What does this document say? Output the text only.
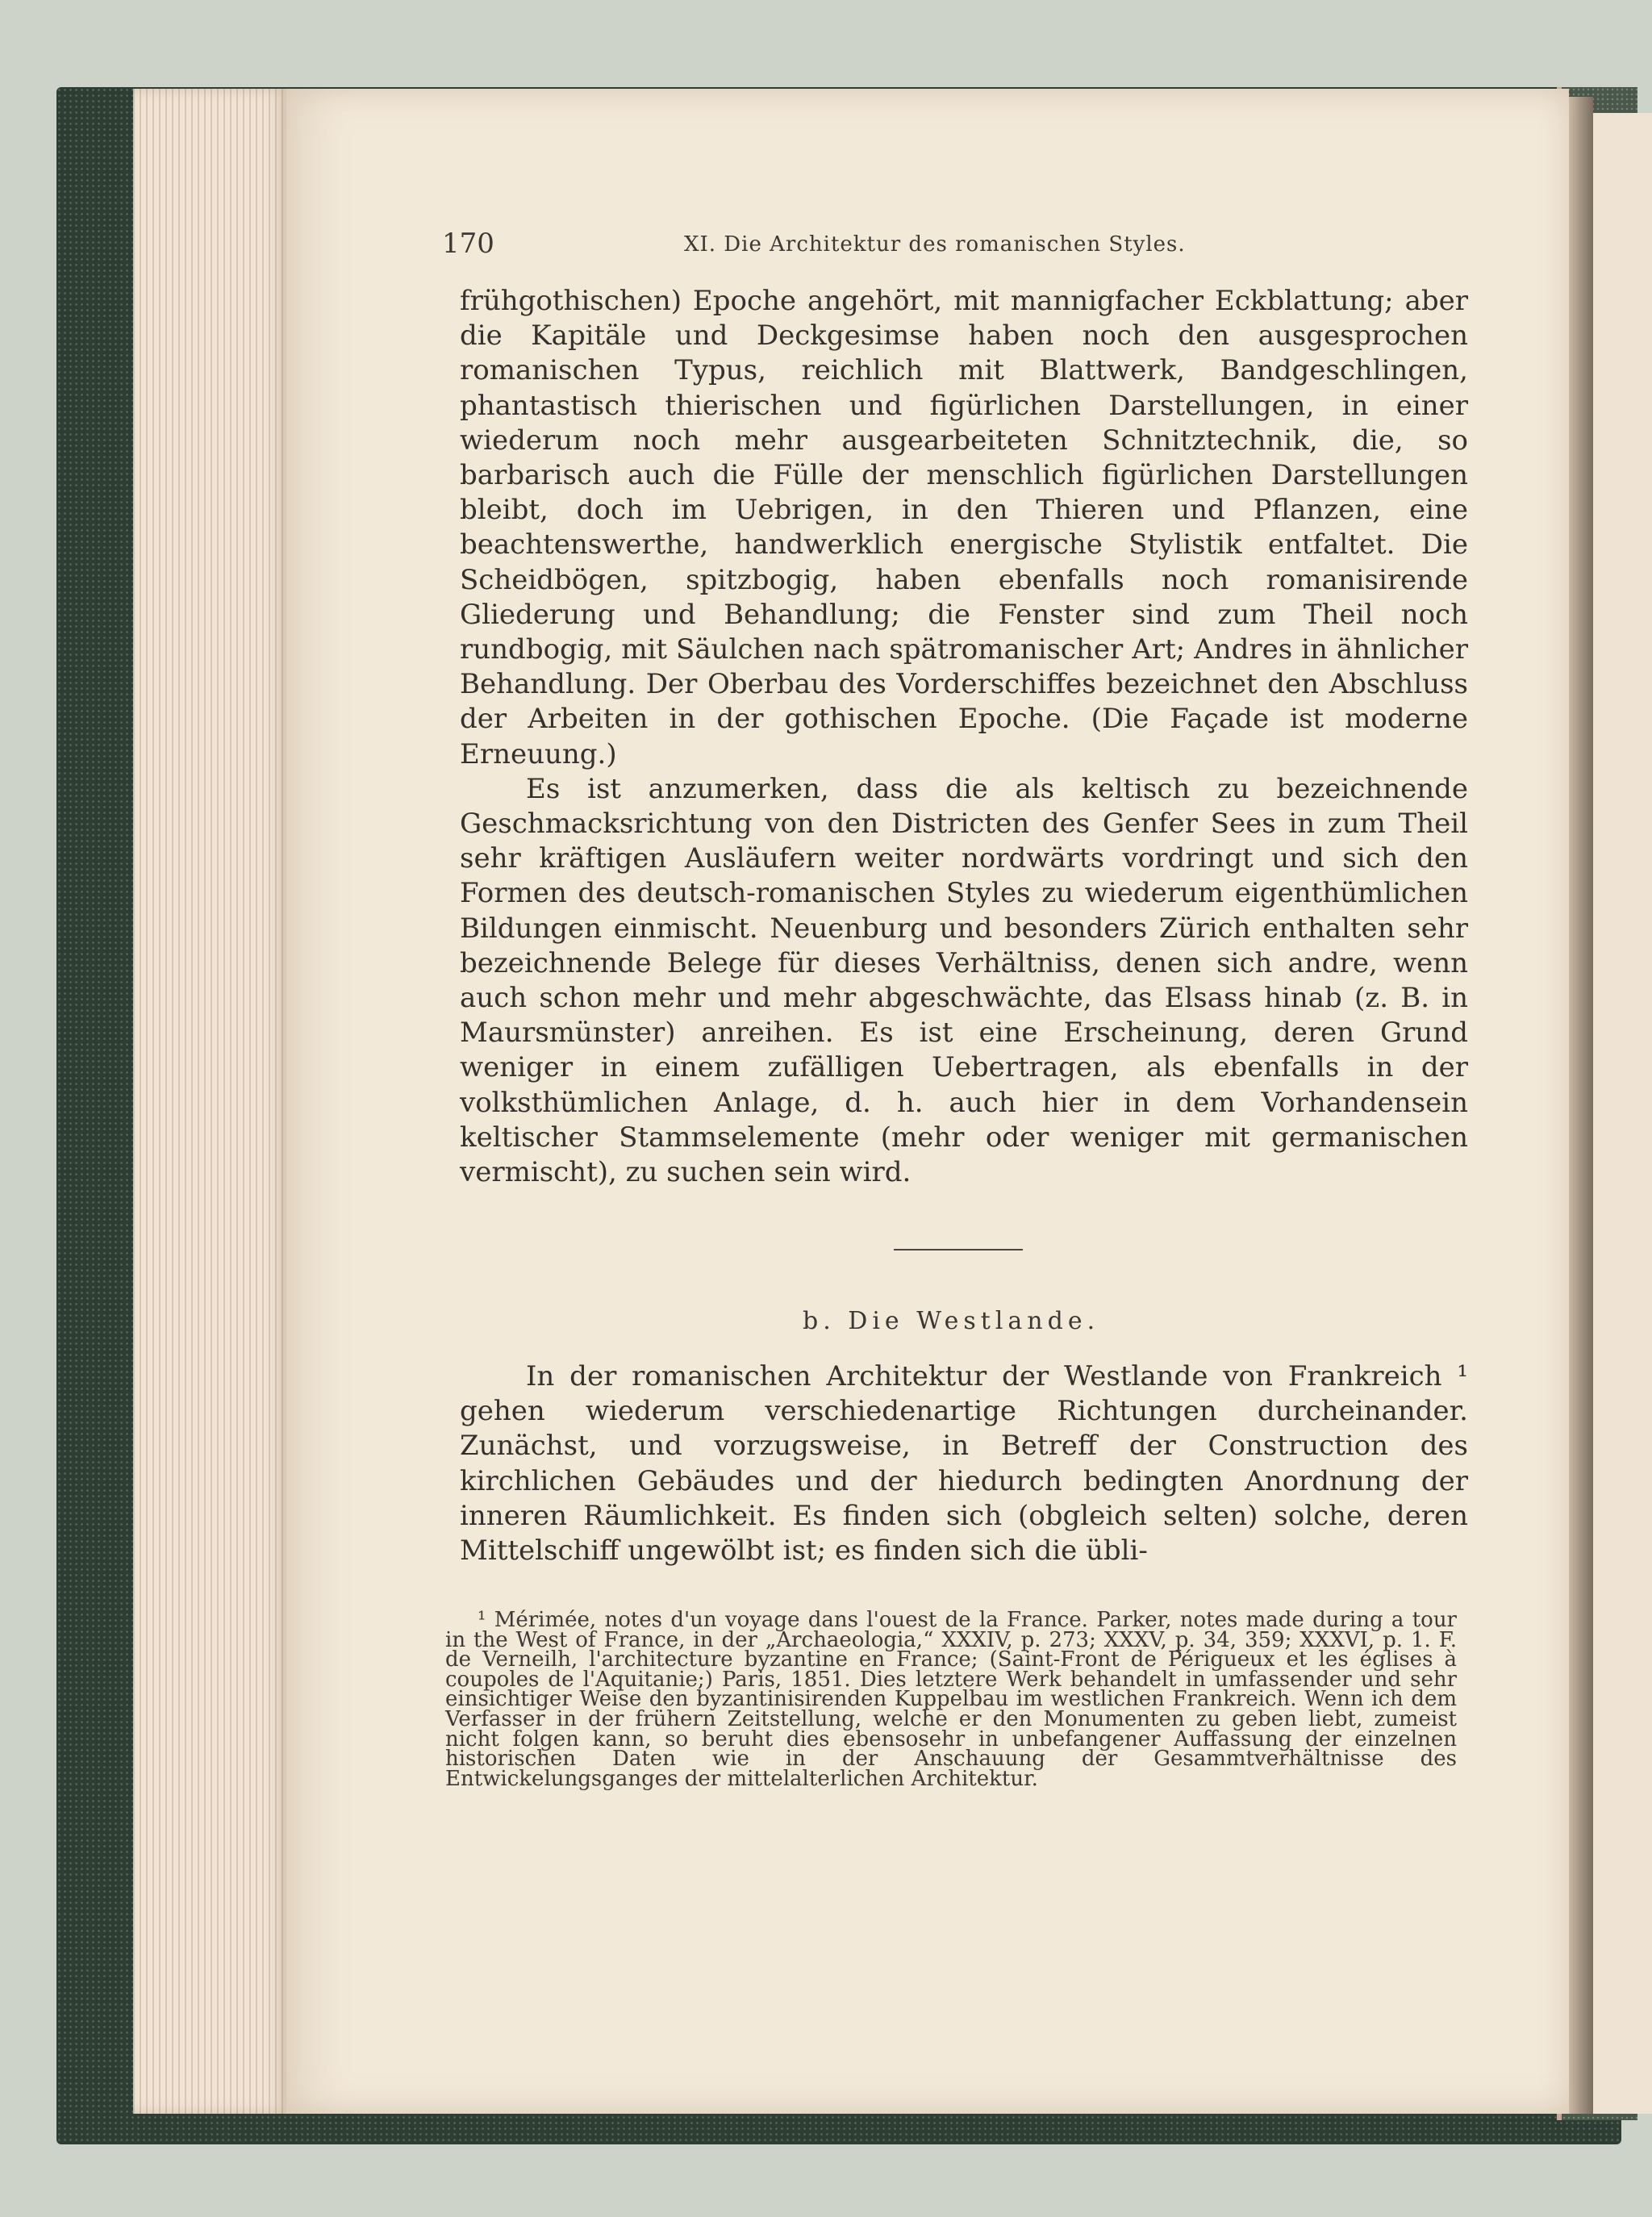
170	XI. Die Architektur des romanischen Styles.

frühgothischen) Epoche angehört, mit mannigfacher Eckblattung; aber die Kapitäle und Deckgesimse haben noch den ausgesprochen romanischen Typus, reichlich mit Blattwerk, Bandgeschlingen, phantastisch thierischen und figürlichen Darstellungen, in einer wiederum noch mehr ausgearbeiteten Schnitztechnik, die, so barbarisch auch die Fülle der menschlich figürlichen Darstellungen bleibt, doch im Uebrigen, in den Thieren und Pflanzen, eine beachtenswerthe, handwerklich energische Stylistik entfaltet. Die Scheidbögen, spitzbogig, haben ebenfalls noch romanisirende Gliederung und Behandlung; die Fenster sind zum Theil noch rundbogig, mit Säulchen nach spätromanischer Art; Andres in ähnlicher Behandlung. Der Oberbau des Vorderschiffes bezeichnet den Abschluss der Arbeiten in der gothischen Epoche. (Die Façade ist moderne Erneuung.)

Es ist anzumerken, dass die als keltisch zu bezeichnende Geschmacksrichtung von den Districten des Genfer Sees in zum Theil sehr kräftigen Ausläufern weiter nordwärts vordringt und sich den Formen des deutsch-romanischen Styles zu wiederum eigenthümlichen Bildungen einmischt. Neuenburg und besonders Zürich enthalten sehr bezeichnende Belege für dieses Verhältniss, denen sich andre, wenn auch schon mehr und mehr abgeschwächte, das Elsass hinab (z. B. in Maursmünster) anreihen. Es ist eine Erscheinung, deren Grund weniger in einem zufälligen Uebertragen, als ebenfalls in der volksthümlichen Anlage, d. h. auch hier in dem Vorhandensein keltischer Stammselemente (mehr oder weniger mit germanischen vermischt), zu suchen sein wird.

b. Die Westlande.

In der romanischen Architektur der Westlande von Frankreich ¹ gehen wiederum verschiedenartige Richtungen durcheinander. Zunächst, und vorzugsweise, in Betreff der Construction des kirchlichen Gebäudes und der hiedurch bedingten Anordnung der inneren Räumlichkeit. Es finden sich (obgleich selten) solche, deren Mittelschiff ungewölbt ist; es finden sich die übli-

¹ Mérimée, notes d'un voyage dans l'ouest de la France. Parker, notes made during a tour in the West of France, in der „Archaeologia,“ XXXIV, p. 273; XXXV, p. 34, 359; XXXVI, p. 1. F. de Verneilh, l'architecture byzantine en France; (Saint-Front de Périgueux et les églises à coupoles de l'Aquitanie;) Paris, 1851. Dies letztere Werk behandelt in umfassender und sehr einsichtiger Weise den byzantinisirenden Kuppelbau im westlichen Frankreich. Wenn ich dem Verfasser in der frühern Zeitstellung, welche er den Monumenten zu geben liebt, zumeist nicht folgen kann, so beruht dies ebensosehr in unbefangener Auffassung der einzelnen historischen Daten wie in der Anschauung der Gesammtverhältnisse des Entwickelungsganges der mittelalterlichen Architektur.
